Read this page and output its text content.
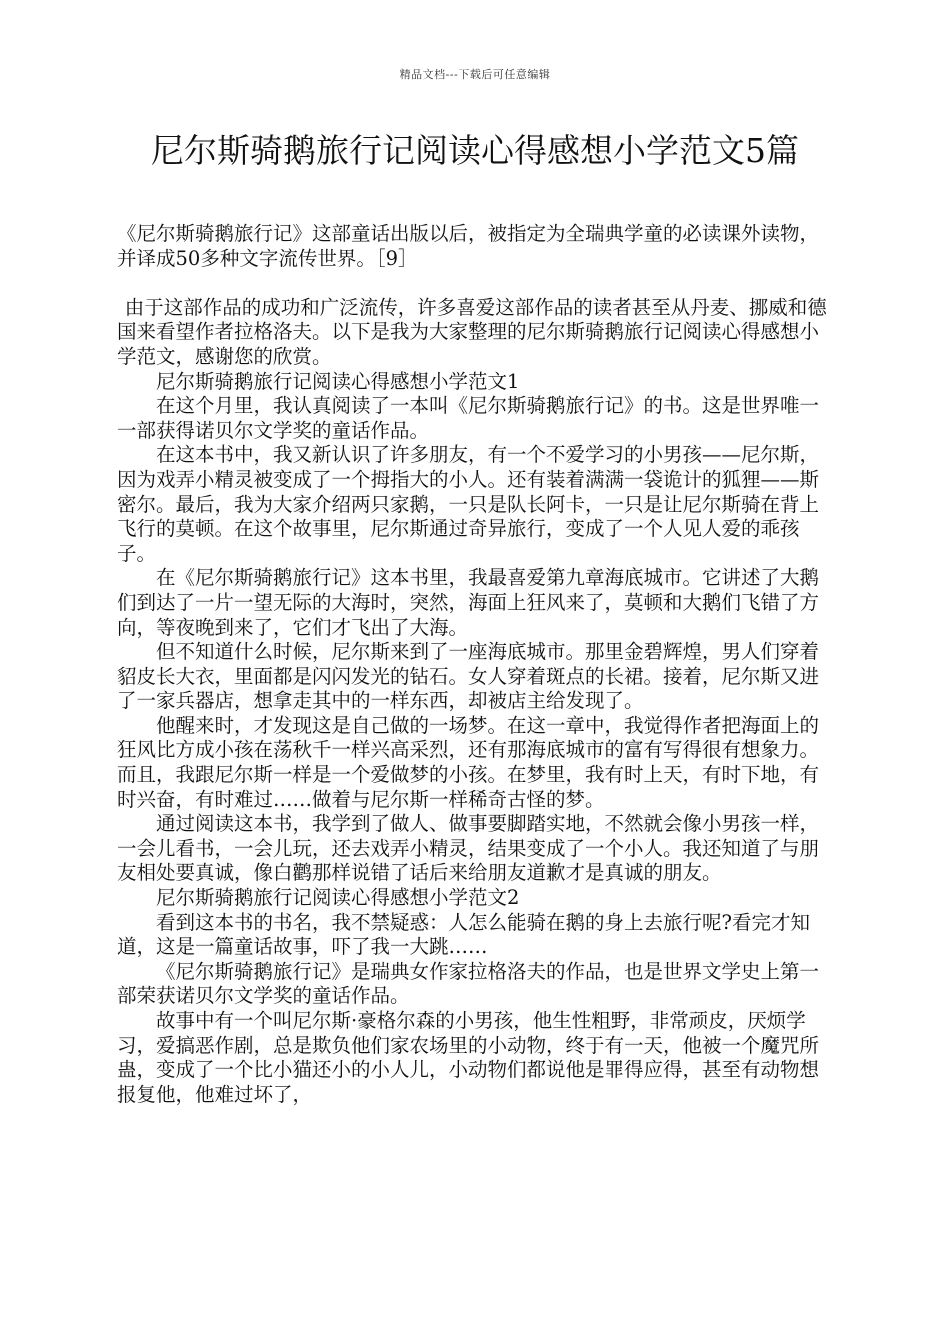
精品文档---下载后可任意编辑
尼尔斯骑鹅旅行记阅读心得感想小学范文5篇

《尼尔斯骑鹅旅行记》这部童话出版以后，被指定为全瑞典学童的必读课外读物，并译成50多种文字流传世界。［9］

由于这部作品的成功和广泛流传，许多喜爱这部作品的读者甚至从丹麦、挪威和德国来看望作者拉格洛夫。以下是我为大家整理的尼尔斯骑鹅旅行记阅读心得感想小学范文，感谢您的欣赏。

尼尔斯骑鹅旅行记阅读心得感想小学范文1

在这个月里，我认真阅读了一本叫《尼尔斯骑鹅旅行记》的书。这是世界唯一一部获得诺贝尔文学奖的童话作品。

在这本书中，我又新认识了许多朋友，有一个不爱学习的小男孩——尼尔斯，因为戏弄小精灵被变成了一个拇指大的小人。还有装着满满一袋诡计的狐狸——斯密尔。最后，我为大家介绍两只家鹅，一只是队长阿卡，一只是让尼尔斯骑在背上飞行的莫顿。在这个故事里，尼尔斯通过奇异旅行，变成了一个人见人爱的乖孩子。

在《尼尔斯骑鹅旅行记》这本书里，我最喜爱第九章海底城市。它讲述了大鹅们到达了一片一望无际的大海时，突然，海面上狂风来了，莫顿和大鹅们飞错了方向，等夜晚到来了，它们才飞出了大海。

但不知道什么时候，尼尔斯来到了一座海底城市。那里金碧辉煌，男人们穿着貂皮长大衣，里面都是闪闪发光的钻石。女人穿着斑点的长裙。接着，尼尔斯又进了一家兵器店，想拿走其中的一样东西，却被店主给发现了。

他醒来时，才发现这是自己做的一场梦。在这一章中，我觉得作者把海面上的狂风比方成小孩在荡秋千一样兴高采烈，还有那海底城市的富有写得很有想象力。而且，我跟尼尔斯一样是一个爱做梦的小孩。在梦里，我有时上天，有时下地，有时兴奋，有时难过……做着与尼尔斯一样稀奇古怪的梦。

通过阅读这本书，我学到了做人、做事要脚踏实地，不然就会像小男孩一样，一会儿看书，一会儿玩，还去戏弄小精灵，结果变成了一个小人。我还知道了与朋友相处要真诚，像白鹳那样说错了话后来给朋友道歉才是真诚的朋友。

尼尔斯骑鹅旅行记阅读心得感想小学范文2

看到这本书的书名，我不禁疑惑：人怎么能骑在鹅的身上去旅行呢?看完才知道，这是一篇童话故事，吓了我一大跳……

《尼尔斯骑鹅旅行记》是瑞典女作家拉格洛夫的作品，也是世界文学史上第一部荣获诺贝尔文学奖的童话作品。

故事中有一个叫尼尔斯·豪格尔森的小男孩，他生性粗野，非常顽皮，厌烦学习，爱搞恶作剧，总是欺负他们家农场里的小动物，终于有一天，他被一个魔咒所蛊，变成了一个比小猫还小的小人儿，小动物们都说他是罪得应得，甚至有动物想报复他，他难过坏了，
